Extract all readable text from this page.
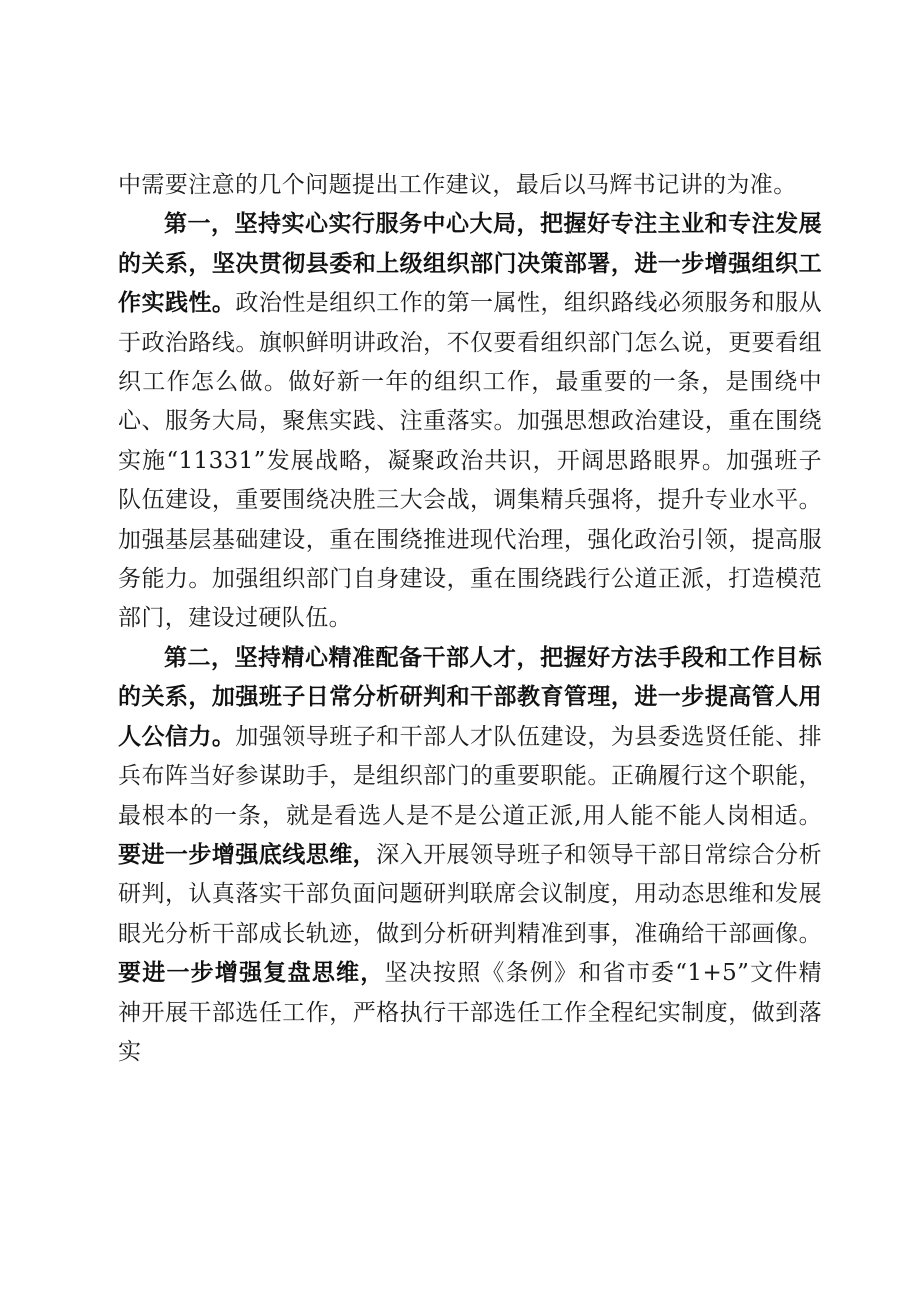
中需要注意的几个问题提出工作建议，最后以马辉书记讲的为准。

第一，坚持实心实行服务中心大局，把握好专注主业和专注发展的关系，坚决贯彻县委和上级组织部门决策部署，进一步增强组织工作实践性。政治性是组织工作的第一属性，组织路线必须服务和服从于政治路线。旗帜鲜明讲政治，不仅要看组织部门怎么说，更要看组织工作怎么做。做好新一年的组织工作，最重要的一条，是围绕中心、服务大局，聚焦实践、注重落实。加强思想政治建设，重在围绕实施“11331”发展战略，凝聚政治共识，开阔思路眼界。加强班子队伍建设，重要围绕决胜三大会战，调集精兵强将，提升专业水平。加强基层基础建设，重在围绕推进现代治理，强化政治引领，提高服务能力。加强组织部门自身建设，重在围绕践行公道正派，打造模范部门，建设过硬队伍。

第二，坚持精心精准配备干部人才，把握好方法手段和工作目标的关系，加强班子日常分析研判和干部教育管理，进一步提高管人用人公信力。加强领导班子和干部人才队伍建设，为县委选贤任能、排兵布阵当好参谋助手，是组织部门的重要职能。正确履行这个职能，最根本的一条，就是看选人是不是公道正派,用人能不能人岗相适。要进一步增强底线思维，深入开展领导班子和领导干部日常综合分析研判，认真落实干部负面问题研判联席会议制度，用动态思维和发展眼光分析干部成长轨迹，做到分析研判精准到事，准确给干部画像。要进一步增强复盘思维，坚决按照《条例》和省市委“1+5”文件精神开展干部选任工作，严格执行干部选任工作全程纪实制度，做到落实
